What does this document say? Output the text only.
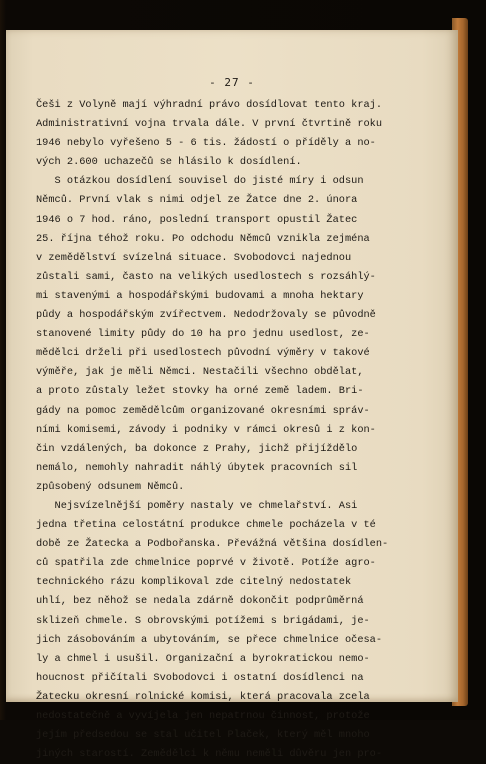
- 27 -
Češi z Volyně mají výhradní právo dosídlovat tento kraj.
Administrativní vojna trvala dále. V první čtvrtině roku
1946 nebylo vyřešeno 5 - 6 tis. žádostí o příděly a no-
vých 2.600 uchazečů se hlásilo k dosídlení.
S otázkou dosídlení souvisel do jisté míry i odsun
Němců. První vlak s nimi odjel ze Žatce dne 2. února
1946 o 7 hod. ráno, poslední transport opustil Žatec
25. října téhož roku. Po odchodu Němců vznikla zejména
v zemědělství svízelná situace. Svobodovci najednou
zůstali sami, často na velikých usedlostech s rozsáhlý-
mi stavenými a hospodářskými budovami a mnoha hektary
půdy a hospodářským zvířectvem. Nedodržovaly se původně
stanovené limity půdy do 10 ha pro jednu usedlost, ze-
mědělci drželi při usedlostech původní výměry v takové
výměře, jak je měli Němci. Nestačili všechno obdělat,
a proto zůstaly ležet stovky ha orné země ladem. Bri-
gády na pomoc zemědělcům organizované okresními správ-
ními komisemi, závody i podniky v rámci okresů i z kon-
čin vzdálených, ba dokonce z Prahy, jichž přijíždělo
nemálo, nemohly nahradit náhlý úbytek pracovních sil
způsobený odsunem Němců.
Nejsvízelnější poměry nastaly ve chmelařství. Asi
jedna třetina celostátní produkce chmele pocházela v té
době ze Žatecka a Podbořanska. Převážná většina dosídlen-
ců spatřila zde chmelnice poprvé v životě. Potíže agro-
technického rázu komplikoval zde citelný nedostatek
uhlí, bez něhož se nedala zdárně dokončit podprůměrná
sklizeň chmele. S obrovskými potížemi s brigádami, je-
jich zásobováním a ubytováním, se přece chmelnice očesa-
ly a chmel i usušil. Organizační a byrokratickou nemo-
houcnost přičítali Svobodovci i ostatní dosídlenci na
Žatecku okresní rolnické komisi, která pracovala zcela
nedostatečně a vyvíjela jen nepatrnou činnost, protože
jejím předsedou se stal učitel Plaček, který měl mnoho
jiných starostí. Zemědělci k němu neměli důvěru jen pro-
